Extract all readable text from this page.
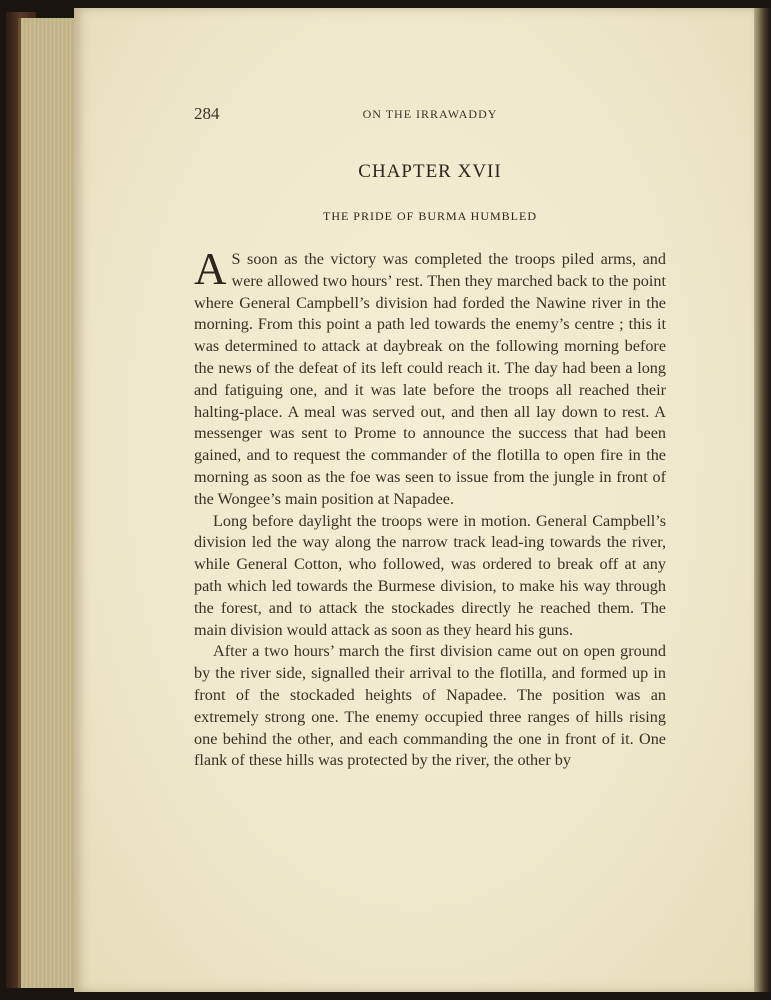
284	ON THE IRRAWADDY
CHAPTER XVII
THE PRIDE OF BURMA HUMBLED

A S soon as the victory was completed the troops piled arms, and were allowed two hours’ rest. Then they marched back to the point where General Campbell’s division had forded the Nawine river in the morning. From this point a path led towards the enemy’s centre ; this it was determined to attack at daybreak on the following morning before the news of the defeat of its left could reach it. The day had been a long and fatiguing one, and it was late before the troops all reached their halting-place. A meal was served out, and then all lay down to rest. A messenger was sent to Prome to announce the success that had been gained, and to request the commander of the flotilla to open fire in the morning as soon as the foe was seen to issue from the jungle in front of the Wongee’s main position at Napadee.

Long before daylight the troops were in motion. General Campbell’s division led the way along the narrow track lead-ing towards the river, while General Cotton, who followed, was ordered to break off at any path which led towards the Burmese division, to make his way through the forest, and to attack the stockades directly he reached them. The main division would attack as soon as they heard his guns.

After a two hours’ march the first division came out on open ground by the river side, signalled their arrival to the flotilla, and formed up in front of the stockaded heights of Napadee. The position was an extremely strong one. The enemy occupied three ranges of hills rising one behind the other, and each commanding the one in front of it. One flank of these hills was protected by the river, the other by
